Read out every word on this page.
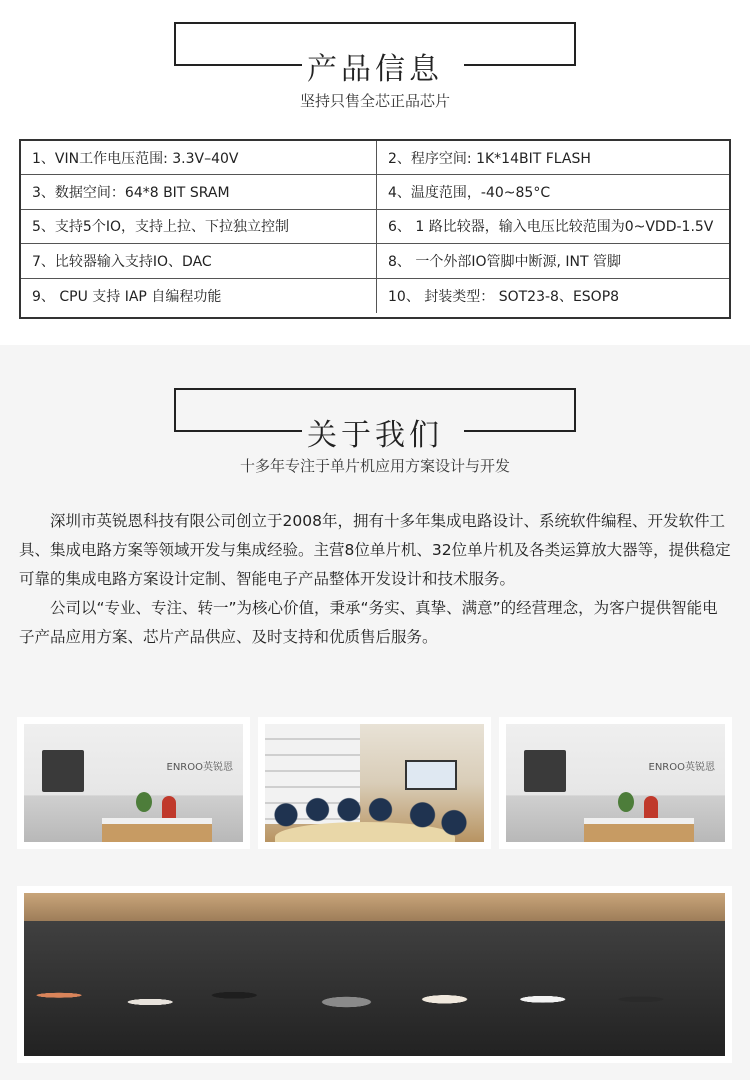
产品信息
坚持只售全芯正品芯片
1、VIN工作电压范围: 3.3V–40V	2、程序空间: 1K*14BIT FLASH
3、数据空间：64*8 BIT SRAM	4、温度范围，-40~85°C
5、支持5个IO，支持上拉、下拉独立控制	6、 1 路比较器，输入电压比较范围为0~VDD-1.5V
7、比较器输入支持IO、DAC	8、 一个外部IO管脚中断源, INT 管脚
9、 CPU 支持 IAP 自编程功能	10、 封装类型： SOT23-8、ESOP8
关于我们
十多年专注于单片机应用方案设计与开发

深圳市英锐恩科技有限公司创立于2008年，拥有十多年集成电路设计、系统软件编程、开发软件工具、集成电路方案等领域开发与集成经验。主营8位单片机、32位单片机及各类运算放大器等，提供稳定可靠的集成电路方案设计定制、智能电子产品整体开发设计和技术服务。

公司以“专业、专注、转一”为核心价值，秉承“务实、真挚、满意”的经营理念，为客户提供智能电子产品应用方案、芯片产品供应、及时支持和优质售后服务。

ENROO英锐恩	ENROO英锐恩
